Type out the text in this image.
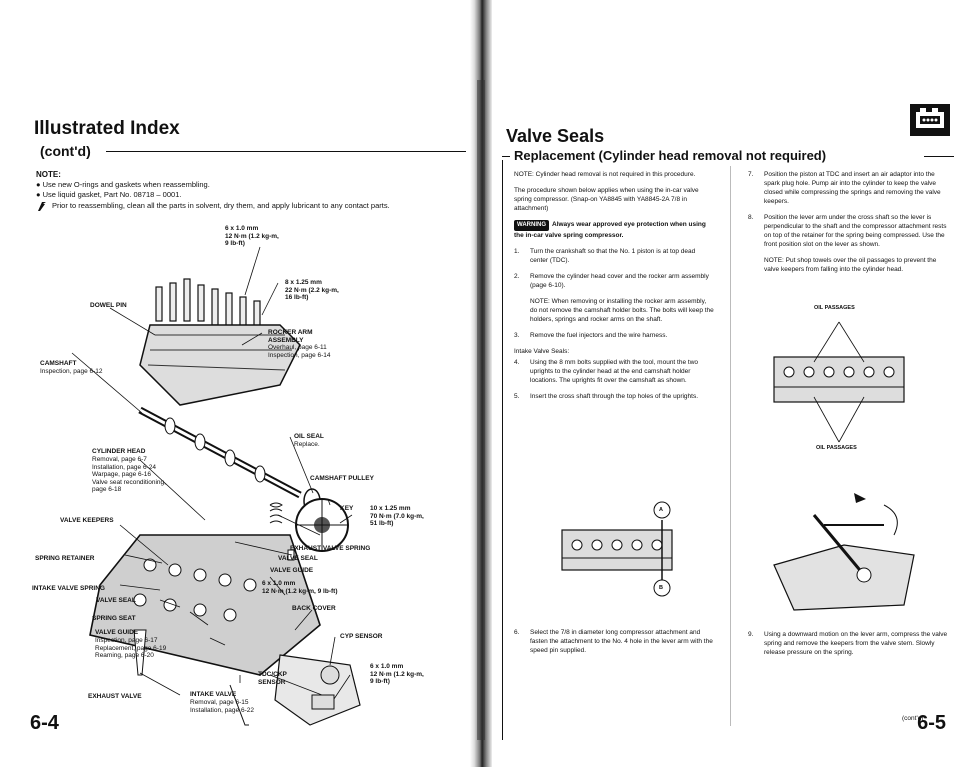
Illustrated Index
(cont'd)
NOTE:
● Use new O-rings and gaskets when reassembling.
● Use liquid gasket, Part No. 08718 – 0001.
Prior to reassembling, clean all the parts in solvent, dry them, and apply lubricant to any contact parts.
6 x 1.0 mm
12 N·m (1.2 kg-m,
9 lb-ft)
8 x 1.25 mm
22 N·m (2.2 kg-m,
16 lb-ft)
DOWEL PIN
ROCKER ARM
ASSEMBLY
Overhaul, page 6-11
Inspection, page 6-14
CAMSHAFT
Inspection, page 6-12
OIL SEAL
Replace.
CYLINDER HEAD
Removal, page 6-7
Installation, page 6-24
Warpage, page 6-16
Valve seat reconditioning,
page 6-18
CAMSHAFT PULLEY
KEY	10 x 1.25 mm
70 N·m (7.0 kg-m,
51 lb-ft)
VALVE KEEPERS
EXHAUST VALVE SPRING
VALVE SEAL
VALVE GUIDE
SPRING RETAINER
INTAKE VALVE SPRING
6 x 1.0 mm
12 N·m (1.2 kg-m, 9 lb-ft)
VALVE SEAL
SPRING SEAT
BACK COVER
VALVE GUIDE
Inspection, page 6-17
Replacement, page 6-19
Reaming, page 6-20
CYP SENSOR
6 x 1.0 mm
12 N·m (1.2 kg-m,
9 lb-ft)
TDC/CKP
SENSOR
EXHAUST VALVE	INTAKE VALVE
Removal, page 6-15
Installation, page 6-22
6-4
Valve Seals
Replacement (Cylinder head removal not required)

NOTE: Cylinder head removal is not required in this procedure.

The procedure shown below applies when using the in-car valve spring compressor. (Snap-on YA8845 with YA8845-2A 7/8 in attachment)

WARNING Always wear approved eye protection when using the in-car valve spring compressor.

1.	Turn the crankshaft so that the No. 1 piston is at top dead center (TDC).

2.	Remove the cylinder head cover and the rocker arm assembly (page 6-10).

NOTE: When removing or installing the rocker arm assembly, do not remove the camshaft holder bolts. The bolts will keep the holders, springs and rocker arms on the shaft.

3.	Remove the fuel injectors and the wire harness.

Intake Valve Seals:

4.	Using the 8 mm bolts supplied with the tool, mount the two uprights to the cylinder head at the end camshaft holder locations. The uprights fit over the camshaft as shown.

5.	Insert the cross shaft through the top holes of the uprights.

A
B

6.	Select the 7/8 in diameter long compressor attachment and fasten the attachment to the No. 4 hole in the lever arm with the speed pin supplied.

7.	Position the piston at TDC and insert an air adaptor into the spark plug hole. Pump air into the cylinder to keep the valve closed while compressing the springs and removing the valve keepers.

8.	Position the lever arm under the cross shaft so the lever is perpendicular to the shaft and the compressor attachment rests on top of the retainer for the spring being compressed. Use the front position slot on the lever as shown.

NOTE: Put shop towels over the oil passages to prevent the valve keepers from falling into the cylinder head.

OIL PASSAGES
OIL PASSAGES

9.	Using a downward motion on the lever arm, compress the valve spring and remove the keepers from the valve stem. Slowly release pressure on the spring.

(cont'd)
6-5
